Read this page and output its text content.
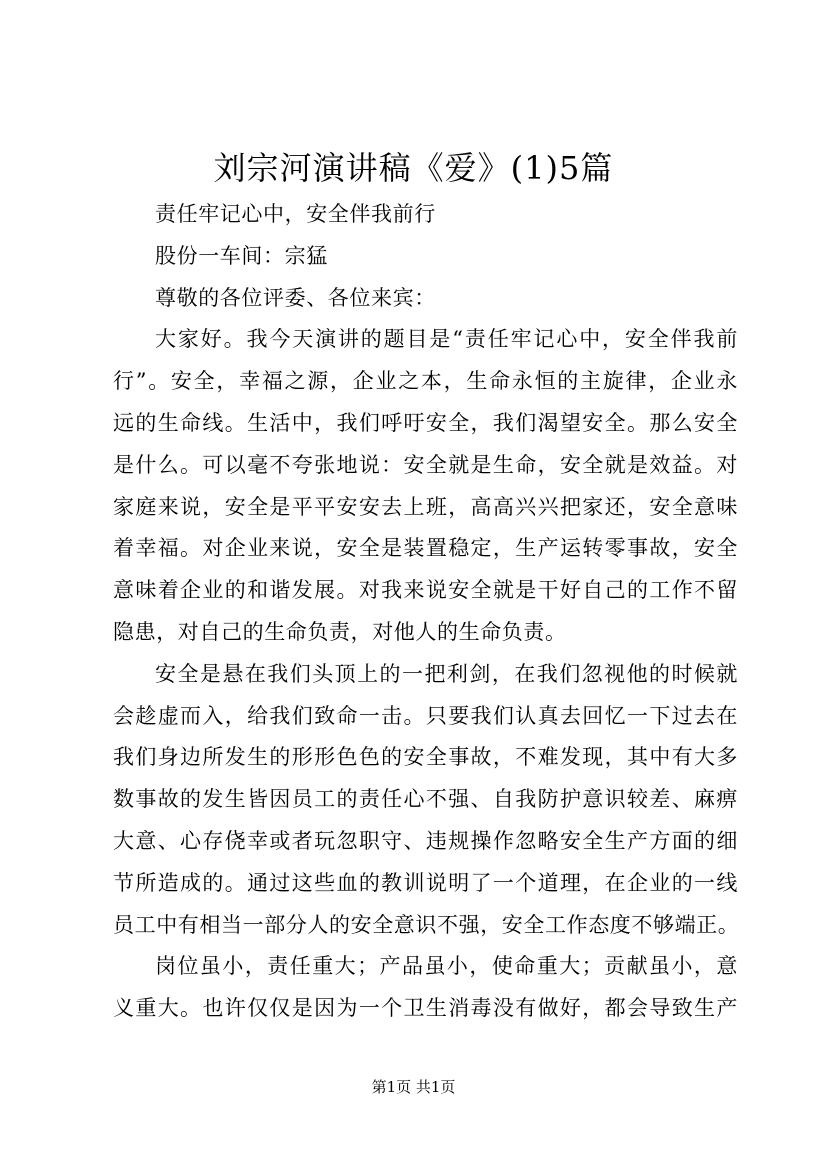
刘宗河演讲稿《爱》(1)5篇
责任牢记心中，安全伴我前行
股份一车间：宗猛
尊敬的各位评委、各位来宾：
大家好。我今天演讲的题目是“责任牢记心中，安全伴我前
行”。安全，幸福之源，企业之本，生命永恒的主旋律，企业永
远的生命线。生活中，我们呼吁安全，我们渴望安全。那么安全
是什么。可以毫不夸张地说：安全就是生命，安全就是效益。对
家庭来说，安全是平平安安去上班，高高兴兴把家还，安全意味
着幸福。对企业来说，安全是装置稳定，生产运转零事故，安全
意味着企业的和谐发展。对我来说安全就是干好自己的工作不留
隐患，对自己的生命负责，对他人的生命负责。
安全是悬在我们头顶上的一把利剑，在我们忽视他的时候就
会趁虚而入，给我们致命一击。只要我们认真去回忆一下过去在
我们身边所发生的形形色色的安全事故，不难发现，其中有大多
数事故的发生皆因员工的责任心不强、自我防护意识较差、麻痹
大意、心存侥幸或者玩忽职守、违规操作忽略安全生产方面的细
节所造成的。通过这些血的教训说明了一个道理，在企业的一线
员工中有相当一部分人的安全意识不强，安全工作态度不够端正。
岗位虽小，责任重大；产品虽小，使命重大；贡献虽小，意
义重大。也许仅仅是因为一个卫生消毒没有做好，都会导致生产
第1页 共1页
